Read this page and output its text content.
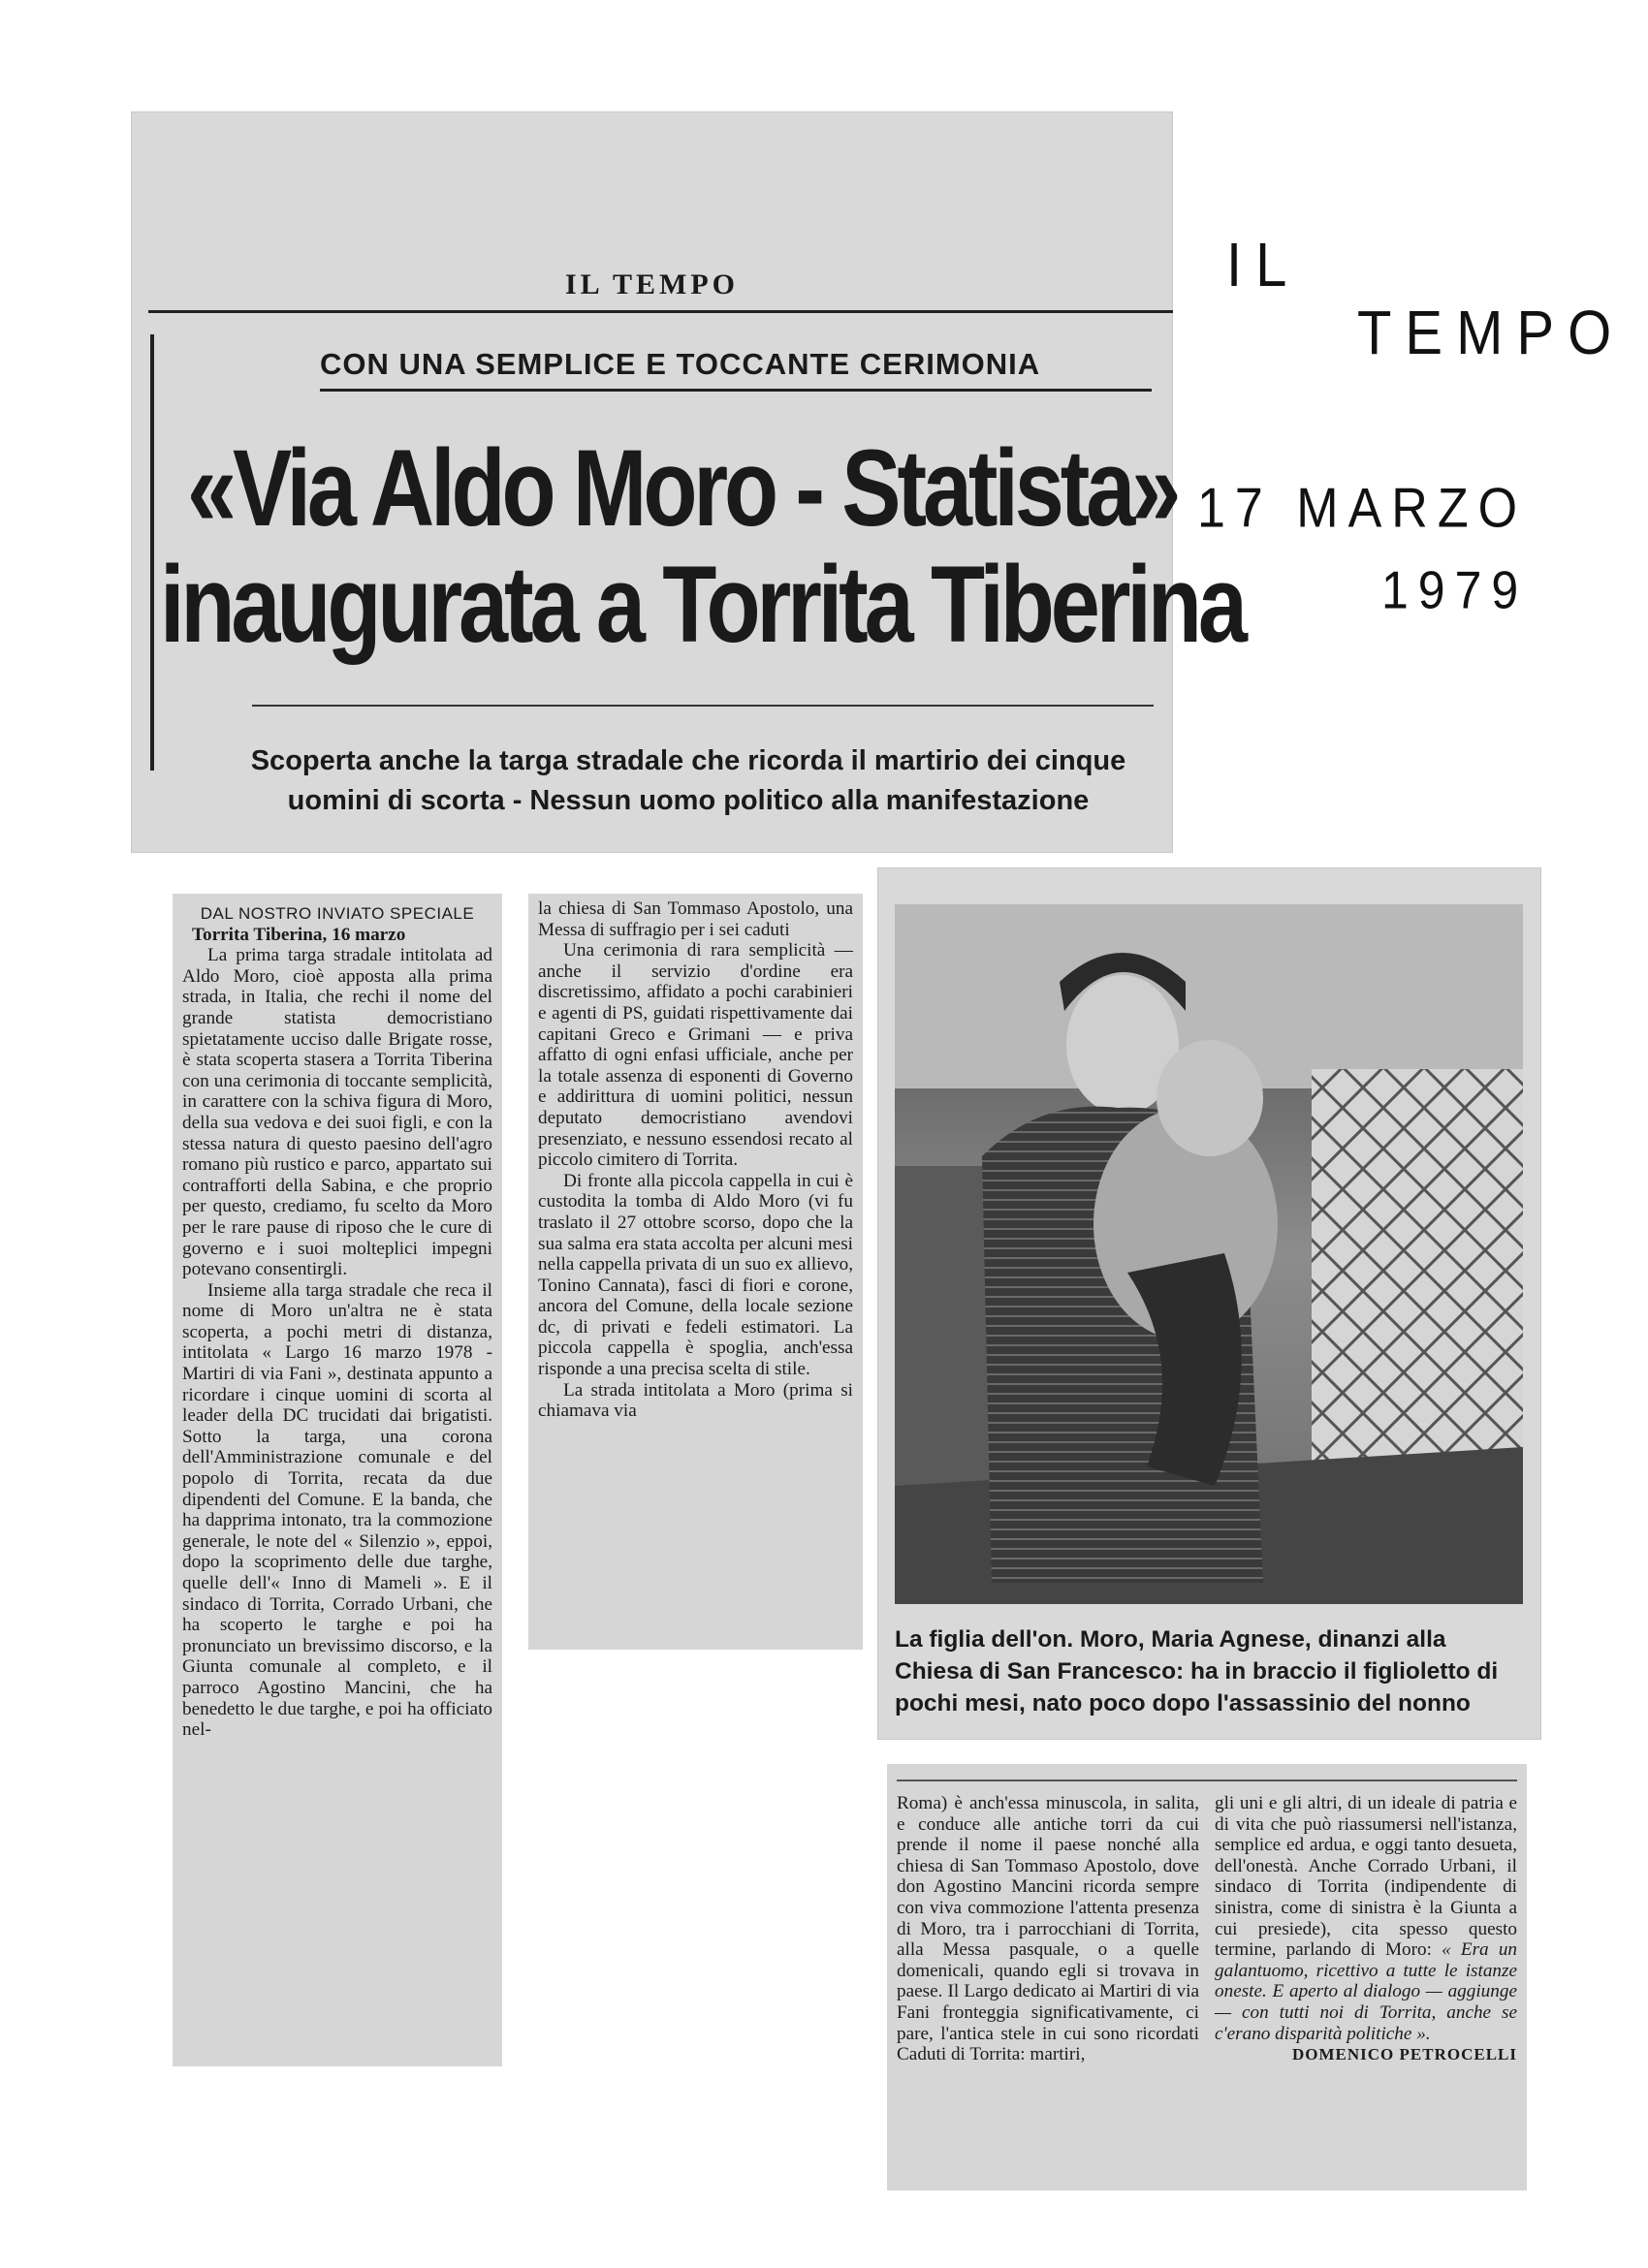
IL TEMPO
CON UNA SEMPLICE E TOCCANTE CERIMONIA
«Via Aldo Moro - Statista»
inaugurata a Torrita Tiberina
Scoperta anche la targa stradale che ricorda il martirio dei cinque uomini di scorta - Nessun uomo politico alla manifestazione
DAL NOSTRO INVIATO SPECIALE

Torrita Tiberina, 16 marzo

La prima targa stradale intitolata ad Aldo Moro, cioè apposta alla prima strada, in Italia, che rechi il nome del grande statista democristiano spietatamente ucciso dalle Brigate rosse, è stata scoperta stasera a Torrita Tiberina con una cerimonia di toccante semplicità, in carattere con la schiva figura di Moro, della sua vedova e dei suoi figli, e con la stessa natura di questo paesino dell'agro romano più rustico e parco, appartato sui contrafforti della Sabina, e che proprio per questo, crediamo, fu scelto da Moro per le rare pause di riposo che le cure di governo e i suoi molteplici impegni potevano consentirgli.

Insieme alla targa stradale che reca il nome di Moro un'altra ne è stata scoperta, a pochi metri di distanza, intitolata « Largo 16 marzo 1978 - Martiri di via Fani », destinata appunto a ricordare i cinque uomini di scorta al leader della DC trucidati dai brigatisti. Sotto la targa, una corona dell'Amministrazione comunale e del popolo di Torrita, recata da due dipendenti del Comune. E la banda, che ha dapprima intonato, tra la commozione generale, le note del « Silenzio », eppoi, dopo la scoprimento delle due targhe, quelle dell'« Inno di Mameli ». E il sindaco di Torrita, Corrado Urbani, che ha scoperto le targhe e poi ha pronunciato un brevissimo discorso, e la Giunta comunale al completo, e il parroco Agostino Mancini, che ha benedetto le due targhe, e poi ha officiato nel-

la chiesa di San Tommaso Apostolo, una Messa di suffragio per i sei caduti

Una cerimonia di rara semplicità — anche il servizio d'ordine era discretissimo, affidato a pochi carabinieri e agenti di PS, guidati rispettivamente dai capitani Greco e Grimani — e priva affatto di ogni enfasi ufficiale, anche per la totale assenza di esponenti di Governo e addirittura di uomini politici, nessun deputato democristiano avendovi presenziato, e nessuno essendosi recato al piccolo cimitero di Torrita.

Di fronte alla piccola cappella in cui è custodita la tomba di Aldo Moro (vi fu traslato il 27 ottobre scorso, dopo che la sua salma era stata accolta per alcuni mesi nella cappella privata di un suo ex allievo, Tonino Cannata), fasci di fiori e corone, ancora del Comune, della locale sezione dc, di privati e fedeli estimatori. La piccola cappella è spoglia, anch'essa risponde a una precisa scelta di stile.

La strada intitolata a Moro (prima si chiamava via

La figlia dell'on. Moro, Maria Agnese, dinanzi alla Chiesa di San Francesco: ha in braccio il figlioletto di pochi mesi, nato poco dopo l'assassinio del nonno

Roma) è anch'essa minuscola, in salita, e conduce alle antiche torri da cui prende il nome il paese nonché alla chiesa di San Tommaso Apostolo, dove don Agostino Mancini ricorda sempre con viva commozione l'attenta presenza di Moro, tra i parrocchiani di Torrita, alla Messa pasquale, o a quelle domenicali, quando egli si trovava in paese. Il Largo dedicato ai Martiri di via Fani fronteggia significativamente, ci pare, l'antica stele in cui sono ricordati Caduti di Torrita: martiri,

gli uni e gli altri, di un ideale di patria e di vita che può riassumersi nell'istanza, semplice ed ardua, e oggi tanto desueta, dell'onestà. Anche Corrado Urbani, il sindaco di Torrita (indipendente di sinistra, come di sinistra è la Giunta a cui presiede), cita spesso questo termine, parlando di Moro: « Era un galantuomo, ricettivo a tutte le istanze oneste. E aperto al dialogo — aggiunge — con tutti noi di Torrita, anche se c'erano disparità politiche ».

DOMENICO PETROCELLI
IL
TEMPO
17 MARZO
1979
